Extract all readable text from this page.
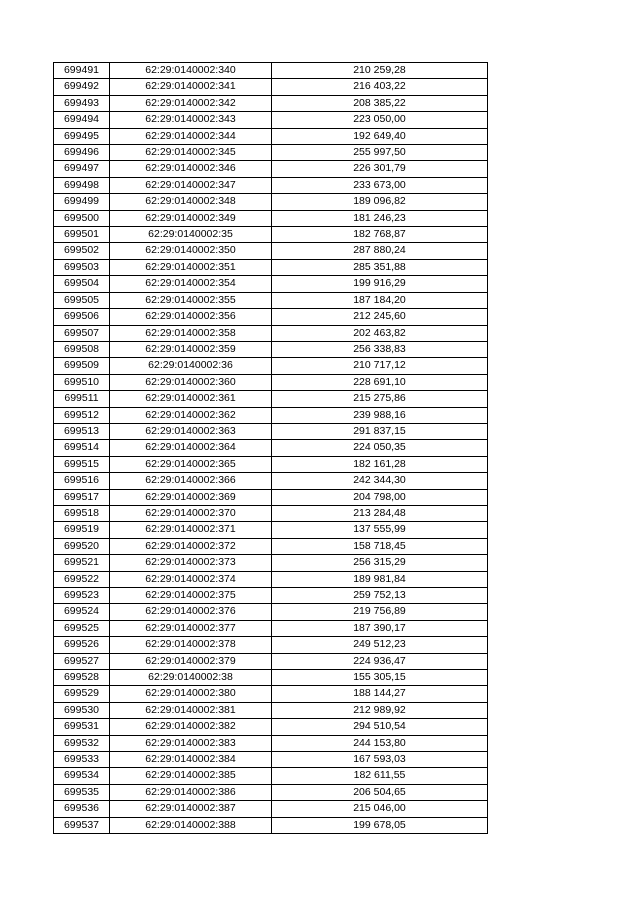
699491	62:29:0140002:340	210 259,28
699492	62:29:0140002:341	216 403,22
699493	62:29:0140002:342	208 385,22
699494	62:29:0140002:343	223 050,00
699495	62:29:0140002:344	192 649,40
699496	62:29:0140002:345	255 997,50
699497	62:29:0140002:346	226 301,79
699498	62:29:0140002:347	233 673,00
699499	62:29:0140002:348	189 096,82
699500	62:29:0140002:349	181 246,23
699501	62:29:0140002:35	182 768,87
699502	62:29:0140002:350	287 880,24
699503	62:29:0140002:351	285 351,88
699504	62:29:0140002:354	199 916,29
699505	62:29:0140002:355	187 184,20
699506	62:29:0140002:356	212 245,60
699507	62:29:0140002:358	202 463,82
699508	62:29:0140002:359	256 338,83
699509	62:29:0140002:36	210 717,12
699510	62:29:0140002:360	228 691,10
699511	62:29:0140002:361	215 275,86
699512	62:29:0140002:362	239 988,16
699513	62:29:0140002:363	291 837,15
699514	62:29:0140002:364	224 050,35
699515	62:29:0140002:365	182 161,28
699516	62:29:0140002:366	242 344,30
699517	62:29:0140002:369	204 798,00
699518	62:29:0140002:370	213 284,48
699519	62:29:0140002:371	137 555,99
699520	62:29:0140002:372	158 718,45
699521	62:29:0140002:373	256 315,29
699522	62:29:0140002:374	189 981,84
699523	62:29:0140002:375	259 752,13
699524	62:29:0140002:376	219 756,89
699525	62:29:0140002:377	187 390,17
699526	62:29:0140002:378	249 512,23
699527	62:29:0140002:379	224 936,47
699528	62:29:0140002:38	155 305,15
699529	62:29:0140002:380	188 144,27
699530	62:29:0140002:381	212 989,92
699531	62:29:0140002:382	294 510,54
699532	62:29:0140002:383	244 153,80
699533	62:29:0140002:384	167 593,03
699534	62:29:0140002:385	182 611,55
699535	62:29:0140002:386	206 504,65
699536	62:29:0140002:387	215 046,00
699537	62:29:0140002:388	199 678,05
